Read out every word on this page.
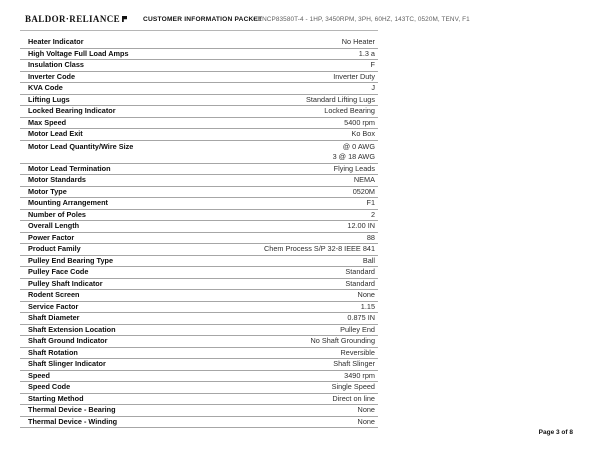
BALDOR·RELIANCE	CUSTOMER INFORMATION PACKET
CENCP83580T-4 - 1HP, 3450RPM, 3PH, 60HZ, 143TC, 0520M, TENV, F1
Heater Indicator	No Heater
High Voltage Full Load Amps	1.3 a
Insulation Class	F
Inverter Code	Inverter Duty
KVA Code	J
Lifting Lugs	Standard Lifting Lugs
Locked Bearing Indicator	Locked Bearing
Max Speed	5400 rpm
Motor Lead Exit	Ko Box
Motor Lead Quantity/Wire Size	@ 0 AWG
3 @ 18 AWG
Motor Lead Termination	Flying Leads
Motor Standards	NEMA
Motor Type	0520M
Mounting Arrangement	F1
Number of Poles	2
Overall Length	12.00 IN
Power Factor	88
Product Family	Chem Process S/P 32-8 IEEE 841
Pulley End Bearing Type	Ball
Pulley Face Code	Standard
Pulley Shaft Indicator	Standard
Rodent Screen	None
Service Factor	1.15
Shaft Diameter	0.875 IN
Shaft Extension Location	Pulley End
Shaft Ground Indicator	No Shaft Grounding
Shaft Rotation	Reversible
Shaft Slinger Indicator	Shaft Slinger
Speed	3490 rpm
Speed Code	Single Speed
Starting Method	Direct on line
Thermal Device - Bearing	None
Thermal Device - Winding	None
Page 3 of 8
